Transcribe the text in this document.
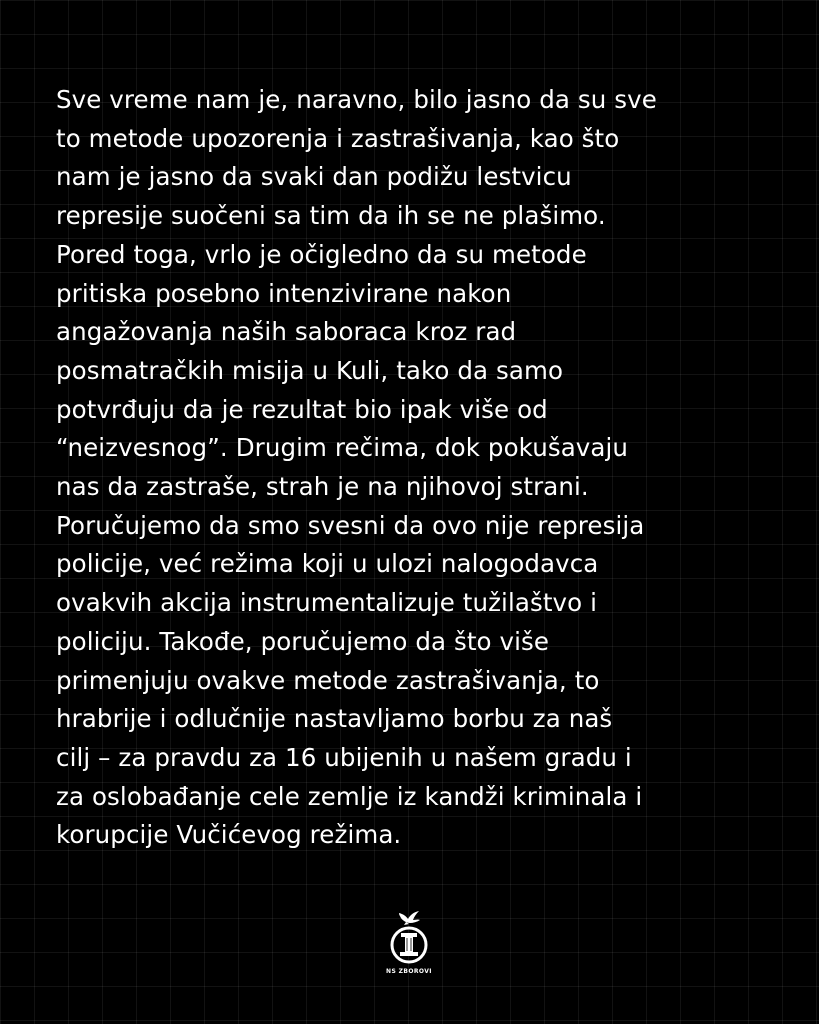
Sve vreme nam je, naravno, bilo jasno da su sve
to metode upozorenja i zastrašivanja, kao što
nam je jasno da svaki dan podižu lestvicu
represije suočeni sa tim da ih se ne plašimo.
Pored toga, vrlo je očigledno da su metode
pritiska posebno intenzivirane nakon
angažovanja naših saboraca kroz rad
posmatračkih misija u Kuli, tako da samo
potvrđuju da je rezultat bio ipak više od
“neizvesnog”. Drugim rečima, dok pokušavaju
nas da zastraše, strah je na njihovoj strani.
Poručujemo da smo svesni da ovo nije represija
policije, već režima koji u ulozi nalogodavca
ovakvih akcija instrumentalizuje tužilaštvo i
policiju. Takođe, poručujemo da što više
primenjuju ovakve metode zastrašivanja, to
hrabrije i odlučnije nastavljamo borbu za naš
cilj – za pravdu za 16 ubijenih u našem gradu i
za oslobađanje cele zemlje iz kandži kriminala i
korupcije Vučićevog režima.

NS ZBOROVI
